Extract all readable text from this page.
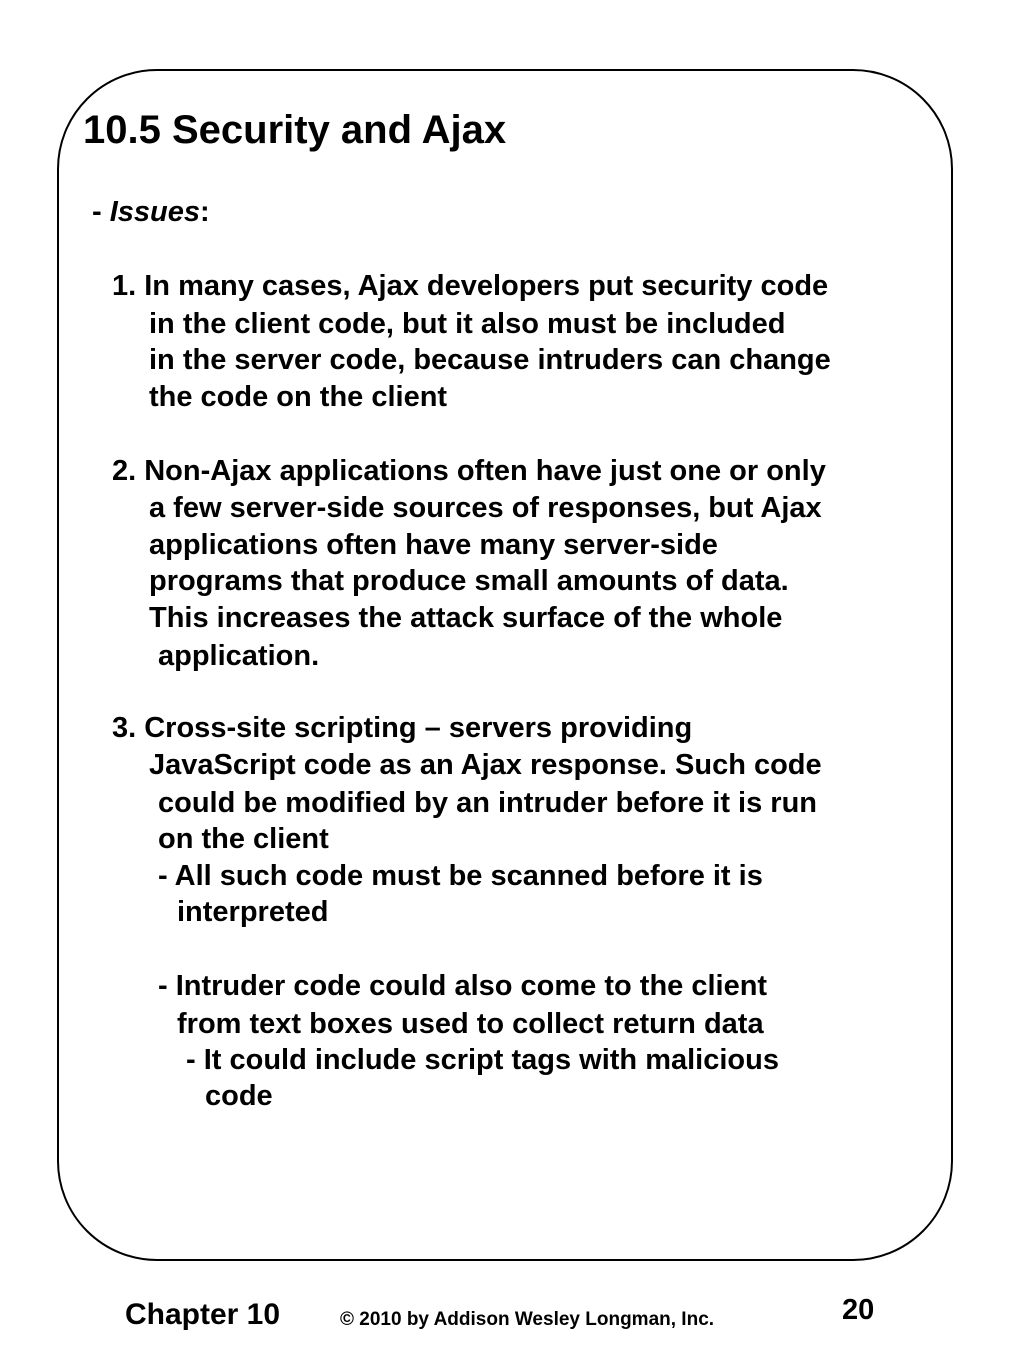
10.5 Security and Ajax
- Issues:
1. In many cases, Ajax developers put security code
in the client code, but it also must be included
in the server code, because intruders can change
the code on the client
2. Non-Ajax applications often have just one or only
a few server-side sources of responses, but Ajax
applications often have many server-side
programs that produce small amounts of data.
This increases the attack surface of the whole
application.
3. Cross-site scripting – servers providing
JavaScript code as an Ajax response. Such code
could be modified by an intruder before it is run
on the client
- All such code must be scanned before it is
interpreted
- Intruder code could also come to the client
from text boxes used to collect return data
- It could include script tags with malicious
code
Chapter 10	© 2010 by Addison Wesley Longman, Inc.	20
